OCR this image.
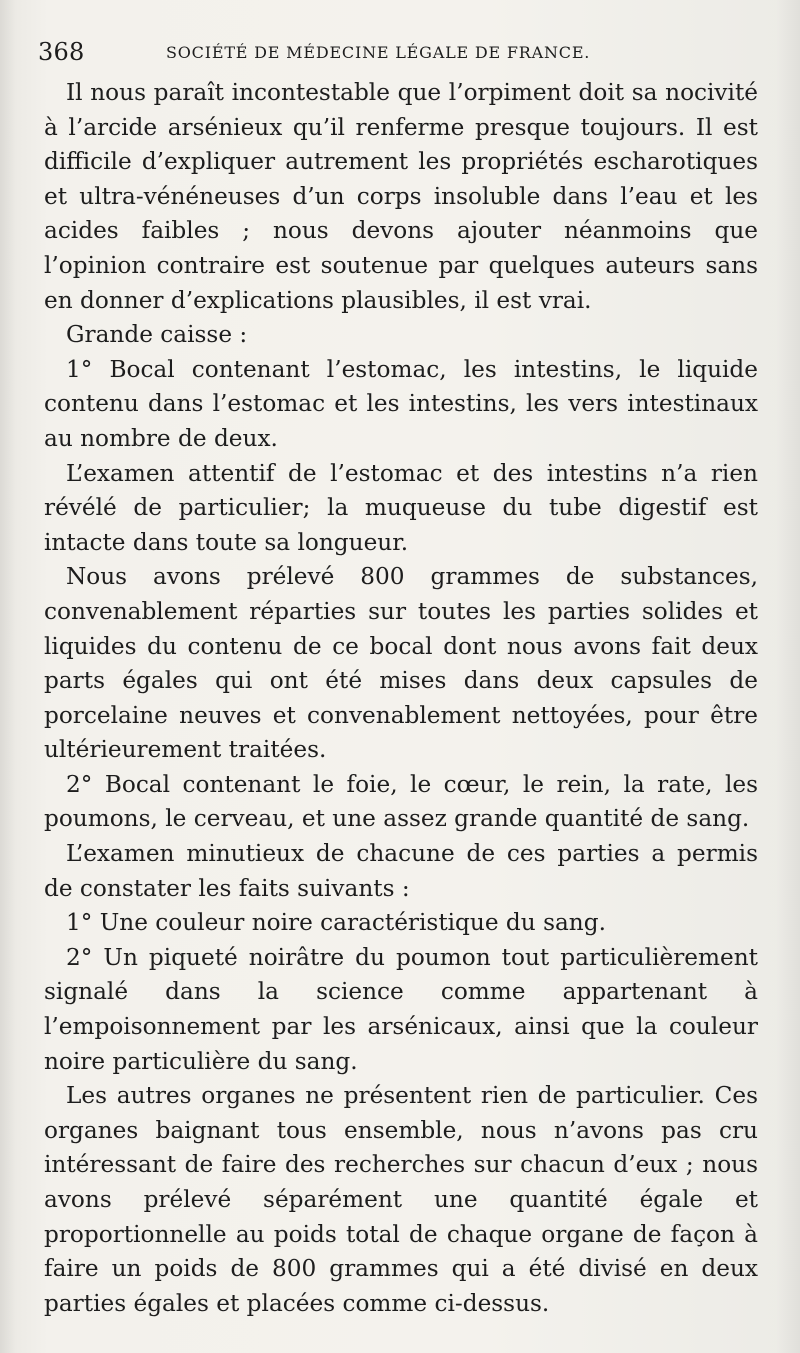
368	SOCIÉTÉ DE MÉDECINE LÉGALE DE FRANCE.

Il nous paraît incontestable que l’orpiment doit sa nocivité à l’arcide arsénieux qu’il renferme presque toujours. Il est difficile d’expliquer autrement les propriétés escharotiques et ultra-vénéneuses d’un corps insoluble dans l’eau et les acides faibles ; nous devons ajouter néanmoins que l’opinion contraire est soutenue par quelques auteurs sans en donner d’explications plausibles, il est vrai.

Grande caisse :

1° Bocal contenant l’estomac, les intestins, le liquide contenu dans l’estomac et les intestins, les vers intestinaux au nombre de deux.

L’examen attentif de l’estomac et des intestins n’a rien révélé de particulier; la muqueuse du tube digestif est intacte dans toute sa longueur.

Nous avons prélevé 800 grammes de substances, convenablement réparties sur toutes les parties solides et liquides du contenu de ce bocal dont nous avons fait deux parts égales qui ont été mises dans deux capsules de porcelaine neuves et convenablement nettoyées, pour être ultérieurement traitées.

2° Bocal contenant le foie, le cœur, le rein, la rate, les poumons, le cerveau, et une assez grande quantité de sang.

L’examen minutieux de chacune de ces parties a permis de constater les faits suivants :

1° Une couleur noire caractéristique du sang.

2° Un piqueté noirâtre du poumon tout particulièrement signalé dans la science comme appartenant à l’empoisonnement par les arsénicaux, ainsi que la couleur noire particulière du sang.

Les autres organes ne présentent rien de particulier. Ces organes baignant tous ensemble, nous n’avons pas cru intéressant de faire des recherches sur chacun d’eux ; nous avons prélevé séparément une quantité égale et proportionnelle au poids total de chaque organe de façon à faire un poids de 800 grammes qui a été divisé en deux parties égales et placées comme ci-dessus.
